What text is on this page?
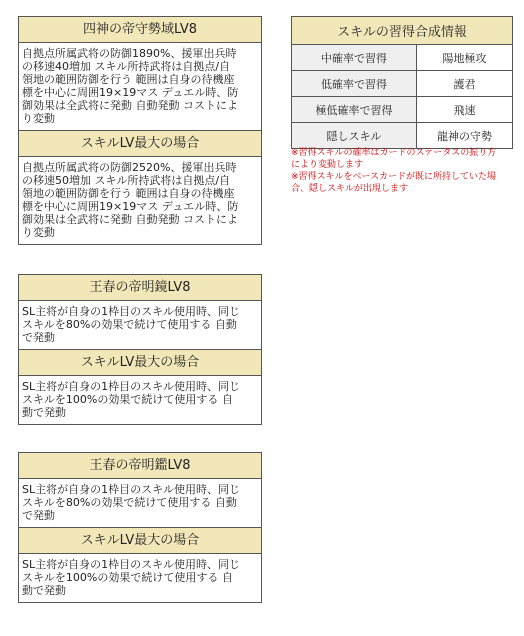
四神の帝守勢域LV8
自拠点所属武将の防御1890%、援軍出兵時
の移速40増加 スキル所持武将は自拠点/自
領地の範囲防御を行う 範囲は自身の待機座
標を中心に周囲19×19マス デュエル時、防
御効果は全武将に発動 自動発動 コストによ
り変動
スキルLV最大の場合
自拠点所属武将の防御2520%、援軍出兵時
の移速50増加 スキル所持武将は自拠点/自
領地の範囲防御を行う 範囲は自身の待機座
標を中心に周囲19×19マス デュエル時、防
御効果は全武将に発動 自動発動 コストによ
り変動
王春の帝明鏡LV8
SL主将が自身の1枠目のスキル使用時、同じ
スキルを80%の効果で続けて使用する 自動
で発動
スキルLV最大の場合
SL主将が自身の1枠目のスキル使用時、同じ
スキルを100%の効果で続けて使用する 自
動で発動
王春の帝明鑑LV8
SL主将が自身の1枠目のスキル使用時、同じ
スキルを80%の効果で続けて使用する 自動
で発動
スキルLV最大の場合
SL主将が自身の1枠目のスキル使用時、同じ
スキルを100%の効果で続けて使用する 自
動で発動
スキルの習得合成情報	
中確率で習得	陽地極攻
低確率で習得	護君
極低確率で習得	飛速
隠しスキル	龍神の守勢
※習得スキルの確率はカードのステータスの振り方
により変動します
※習得スキルをベースカードが既に所持していた場
合、隠しスキルが出現します
